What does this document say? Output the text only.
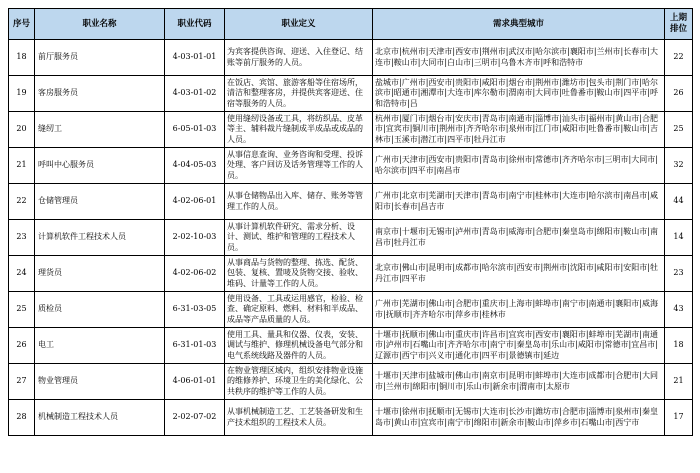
序号	职业名称	职业代码	职业定义	需求典型城市	上期
排位
18	前厅服务员	4-03-01-01	为宾客提供咨询、迎送、入住登记、结账等前厅服务的人员。	北京市|杭州市|天津市|西安市|荆州市|武汉市|哈尔滨市|襄阳市|兰州市|长春市|大连市|鞍山市|大同市|白山市|三明市|乌鲁木齐市|呼和浩特市	22
19	客房服务员	4-03-01-02	在饭店、宾馆、旅游客船等住宿场所，清洁和整理客房，并提供宾客迎送、住宿等服务的人员。	盐城市|广州市|西安市|贵阳市|咸阳市|烟台市|荆州市|潍坊市|包头市|荆门市|哈尔滨市|昭通市|湘潭市|大连市|库尔勒市|渭南市|大同市|吐鲁番市|鞍山市|四平市|呼和浩特市|吕	26
20	缝纫工	6-05-01-03	使用缝纫设备或工具，将纺织品、皮革等主、辅料裁片缝制成半成品或成品的人员。	杭州市|厦门市|烟台市|安庆市|青岛市|南通市|淄博市|汕头市|福州市|黄山市|合肥市|宜宾市|铜川市|荆州市|齐齐哈尔市|泉州市|江门市|咸阳市|吐鲁番市|鞍山市|吉林市|玉溪市|潜江市|四平市|牡丹江市	25
21	呼叫中心服务员	4-04-05-03	从事信息查询、业务咨询和受理、投诉处理、客户回访及话务管理等工作的人员。	广州市|天津市|西安市|贵阳市|青岛市|徐州市|常德市|齐齐哈尔市|三明市|大同市|哈尔滨市|四平市|南昌市	32
22	仓储管理员	4-02-06-01	从事仓储物品出入库、储存、账务等管理工作的人员。	广州市|北京市|芜湖市|天津市|青岛市|南宁市|桂林市|大连市|哈尔滨市|南昌市|咸阳市|长春市|昌吉市	44
23	计算机软件工程技术人员	2-02-10-03	从事计算机软件研究、需求分析、设计、测试、维护和管理的工程技术人员。	南京市|十堰市|无锡市|泸州市|青岛市|威海市|合肥市|秦皇岛市|绵阳市|鞍山市|南昌市|牡丹江市	14
24	理货员	4-02-06-02	从事商品与货物的整理、拣选、配货、包装、复核、置唛及货物交接、验收、堆码、计量等工作的人员。	北京市|佛山市|昆明市|成都市|哈尔滨市|西安市|荆州市|沈阳市|咸阳市|安阳市|牡丹江市|四平市	23
25	质检员	6-31-03-05	使用设备、工具或运用感官，检验、检查、确定原料、燃料、材料和半成品、成品等产品质量的人员。	广州市|芜湖市|佛山市|合肥市|重庆市|上海市|蚌埠市|南宁市|南通市|襄阳市|威海市|抚顺市|齐齐哈尔市|萍乡市|桂林市	43
26	电工	6-31-01-03	使用工具、量具和仪器、仪表，安装、调试与维护、修理机械设备电气部分和电气系统线路及器件的人员。	十堰市|抚顺市|佛山市|重庆市|许昌市|宜宾市|西安市|襄阳市|蚌埠市|芜湖市|南通市|泸州市|石嘴山市|齐齐哈尔市|南宁市|秦皇岛市|乐山市|咸阳市|常德市|宜昌市|辽源市|西宁市|兴义市|通化市|四平市|景德镇市|延边	18
27	物业管理员	4-06-01-01	在物业管理区域内，组织安排物业设施的维修养护、环境卫生的美化绿化、公共秩序的维护等工作的人员。	十堰市|天津市|盐城市|佛山市|南京市|昆明市|蚌埠市|大连市|成都市|合肥市|大同市|兰州市|绵阳市|铜川市|乐山市|新余市|渭南市|太原市	21
28	机械制造工程技术人员	2-02-07-02	从事机械制造工艺、工艺装备研发和生产技术组织的工程技术人员。	十堰市|徐州市|抚顺市|无锡市|大连市|长沙市|潍坊市|合肥市|淄博市|泉州市|秦皇岛市|黄山市|宜宾市|南宁市|绵阳市|新余市|鞍山市|萍乡市|石嘴山市|西宁市	17
